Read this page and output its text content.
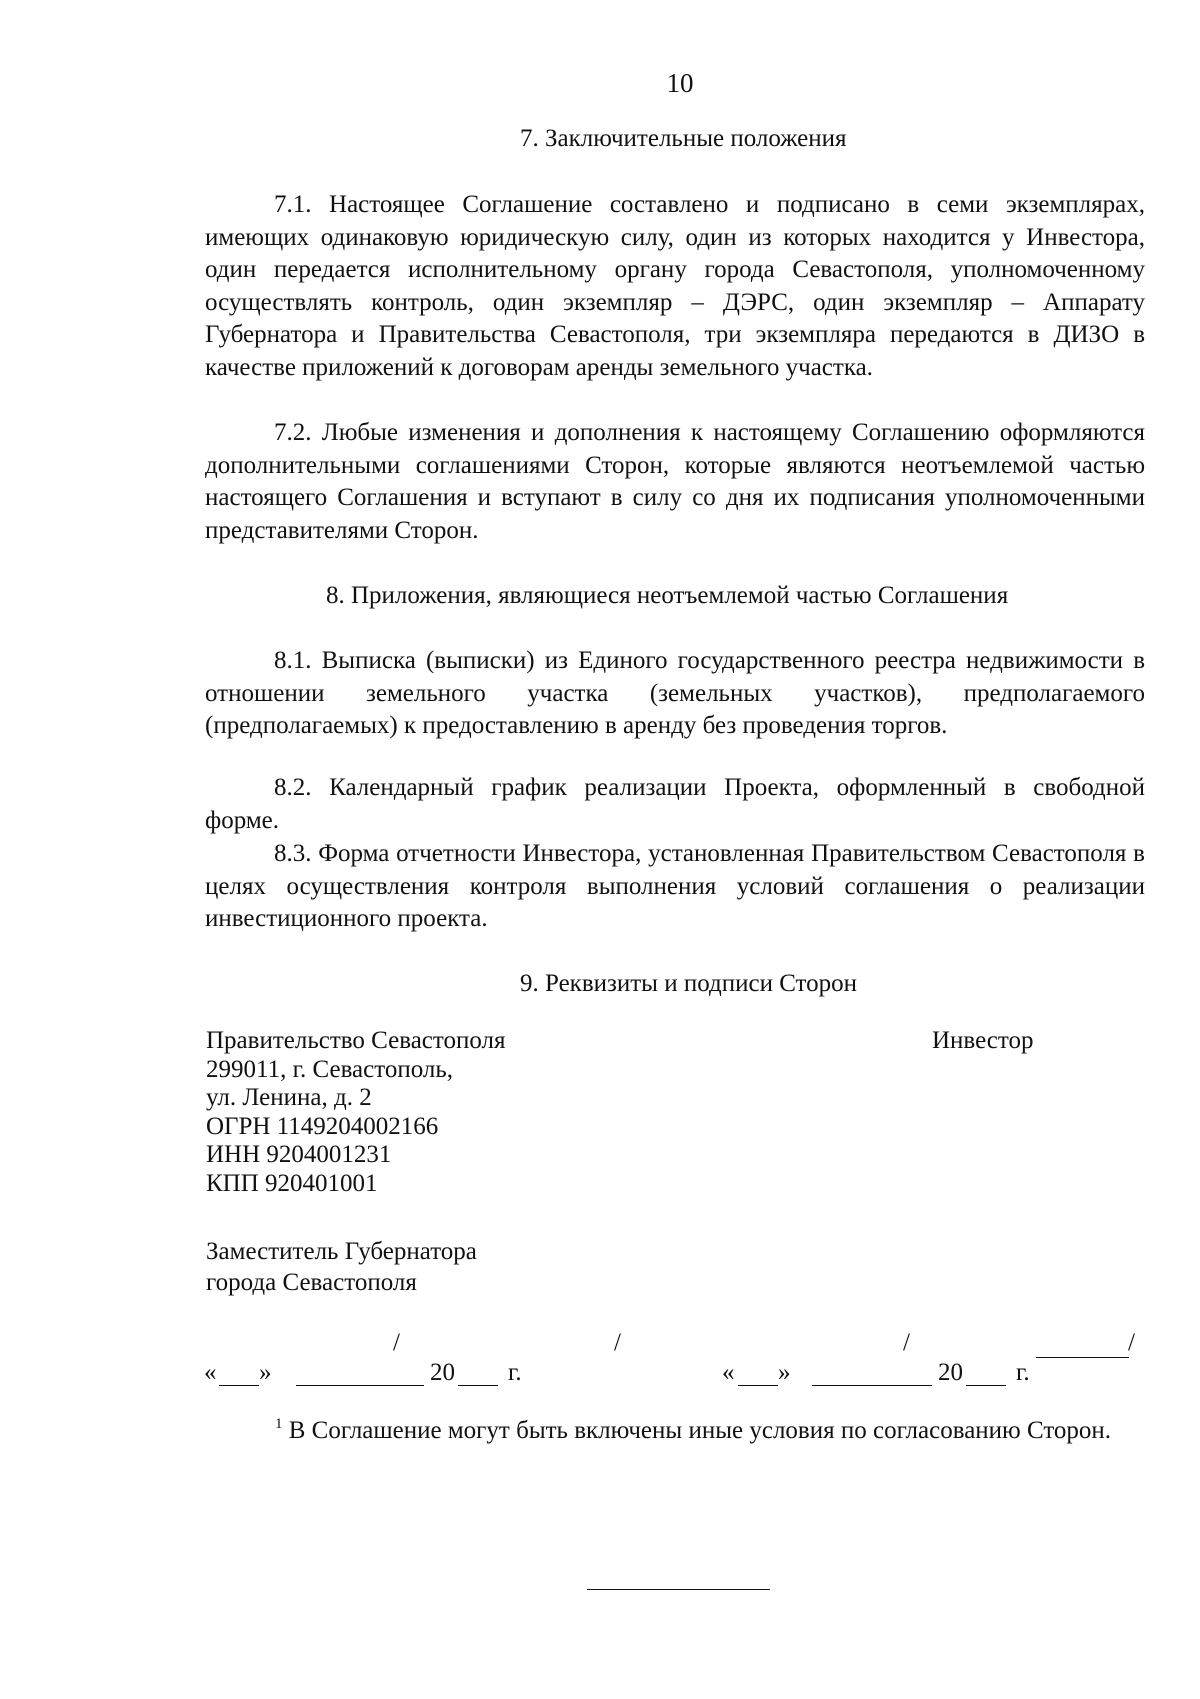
10
7. Заключительные положения

7.1. Настоящее Соглашение составлено и подписано в семи экземплярах, имеющих одинаковую юридическую силу, один из которых находится у Инвестора, один передается исполнительному органу города Севастополя, уполномоченному осуществлять контроль, один экземпляр – ДЭРС, один экземпляр – Аппарату Губернатора и Правительства Севастополя, три экземпляра передаются в ДИЗО в качестве приложений к договорам аренды земельного участка.

7.2. Любые изменения и дополнения к настоящему Соглашению оформляются дополнительными соглашениями Сторон, которые являются неотъемлемой частью настоящего Соглашения и вступают в силу со дня их подписания уполномоченными представителями Сторон.

8. Приложения, являющиеся неотъемлемой частью Соглашения

8.1. Выписка (выписки) из Единого государственного реестра недвижимости в отношении земельного участка (земельных участков), предполагаемого (предполагаемых) к предоставлению в аренду без проведения торгов.

8.2. Календарный график реализации Проекта, оформленный в свободной форме.

8.3. Форма отчетности Инвестора, установленная Правительством Севастополя в целях осуществления контроля выполнения условий соглашения о реализации инвестиционного проекта.

9. Реквизиты и подписи Сторон
Правительство Севастополя
299011, г. Севастополь,
ул. Ленина, д. 2
ОГРН 1149204002166
ИНН 9204001231
КПП 920401001
Инвестор
Заместитель Губернатора
города Севастополя
/	/	/	/
« »	20 г.	« »	20 г.

$^1$ В Соглашение могут быть включены иные условия по согласованию Сторон.
